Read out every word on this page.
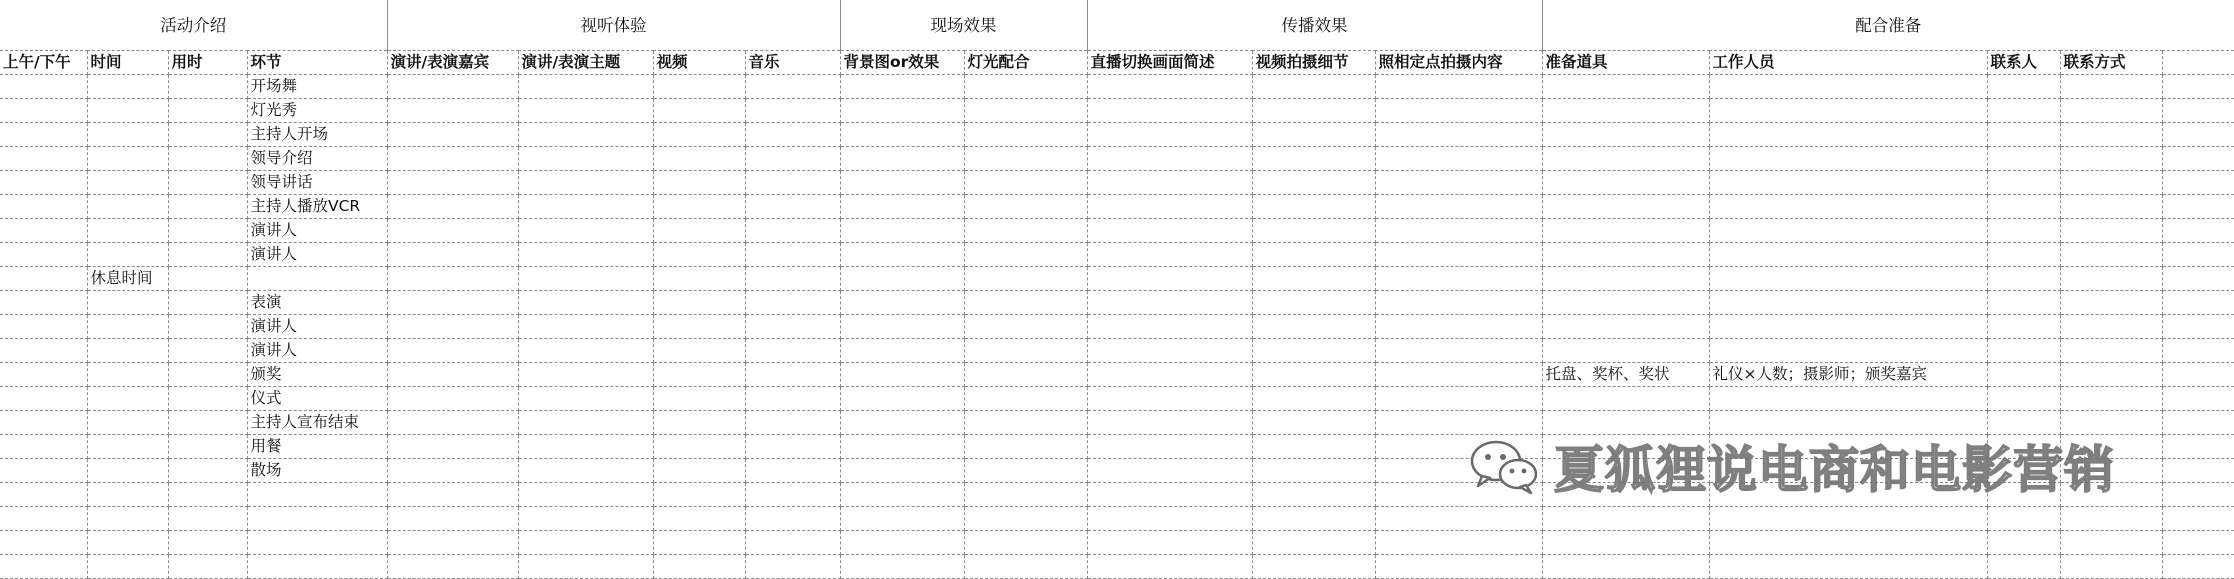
活动介绍				视听体验				现场效果		传播效果			配合准备				
上午/下午	时间	用时	环节	演讲/表演嘉宾	演讲/表演主题	视频	音乐	背景图or效果	灯光配合	直播切换画面简述	视频拍摄细节	照相定点拍摄内容	准备道具	工作人员	联系人	联系方式	
			开场舞														
			灯光秀														
			主持人开场														
			领导介绍														
			领导讲话														
			主持人播放VCR														
			演讲人														
			演讲人														
	休息时间																
			表演														
			演讲人														
			演讲人														
			颁奖										托盘、奖杯、奖状	礼仪×人数；摄影师；颁奖嘉宾			
			仪式														
			主持人宣布结束														
			用餐														
			散场														

																		夏狐狸说电商和电影营销
